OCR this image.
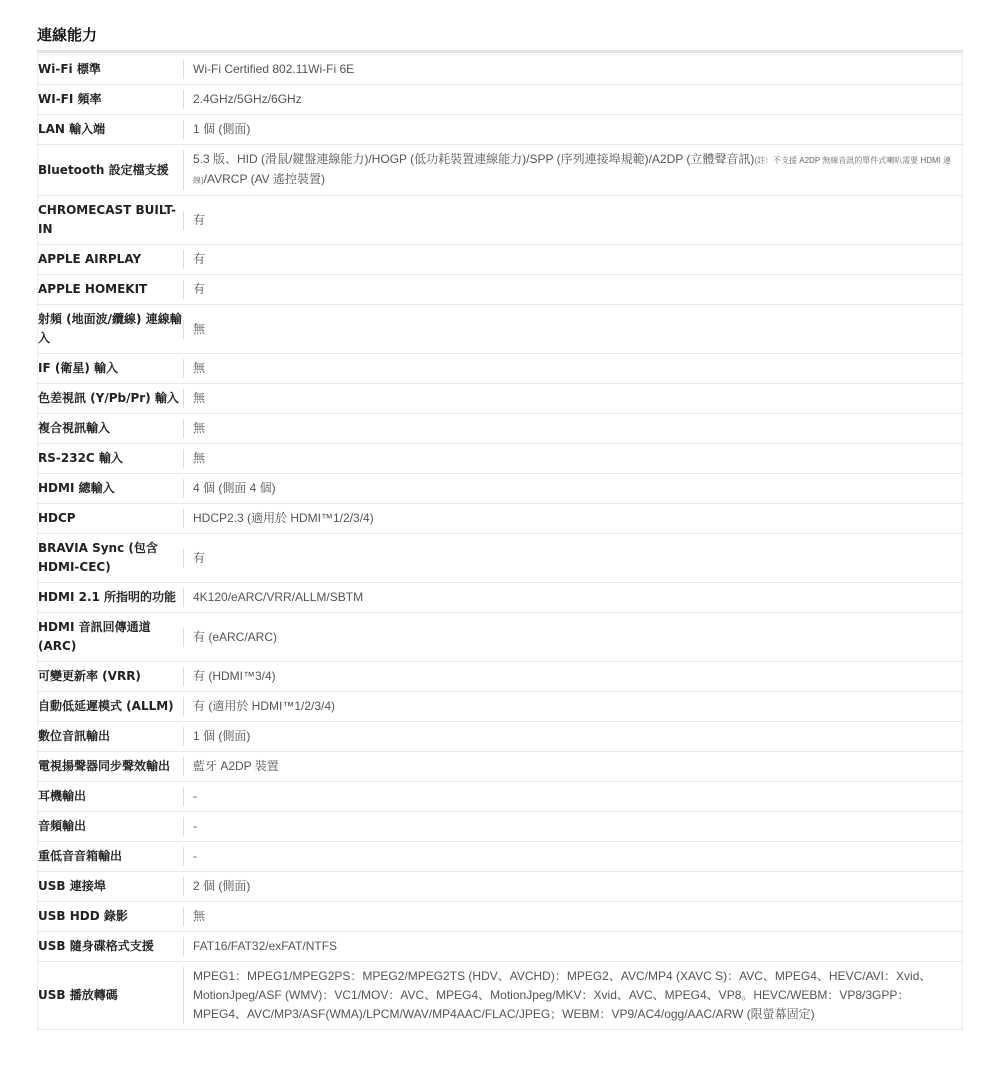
連線能力
Wi-Fi 標準	Wi-Fi Certified 802.11Wi-Fi 6E

WI-FI 頻率	2.4GHz/5GHz/6GHz

LAN 輸入端	1 個 (側面)

Bluetooth 設定檔支援	5.3 版、HID (滑鼠/鍵盤連線能力)/HOGP (低功耗裝置連線能力)/SPP (序列連接埠規範)/A2DP (立體聲音訊)(註：不支援 A2DP 無線音訊的單件式喇叭需要 HDMI 連線)/AVRCP (AV 遙控裝置)

CHROMECAST BUILT-IN	有

APPLE AIRPLAY	有

APPLE HOMEKIT	有

射頻 (地面波/纜線) 連線輸入	無

IF (衛星) 輸入	無

色差視訊 (Y/Pb/Pr) 輸入	無

複合視訊輸入	無

RS-232C 輸入	無

HDMI 總輸入	4 個 (側面 4 個)

HDCP	HDCP2.3 (適用於 HDMI™1/2/3/4)

BRAVIA Sync (包含 HDMI-CEC)	有

HDMI 2.1 所指明的功能	4K120/eARC/VRR/ALLM/SBTM

HDMI 音訊回傳通道 (ARC)	有 (eARC/ARC)

可變更新率 (VRR)	有 (HDMI™3/4)

自動低延遲模式 (ALLM)	有 (適用於 HDMI™1/2/3/4)

數位音訊輸出	1 個 (側面)

電視揚聲器同步聲效輸出	藍牙 A2DP 裝置

耳機輸出	-

音頻輸出	-

重低音音箱輸出	-

USB 連接埠	2 個 (側面)

USB HDD 錄影	無

USB 隨身碟格式支援	FAT16/FAT32/exFAT/NTFS

USB 播放轉碼	MPEG1：MPEG1/MPEG2PS：MPEG2/MPEG2TS (HDV、AVCHD)：MPEG2、AVC/MP4 (XAVC S)：AVC、MPEG4、HEVC/AVI：Xvid、MotionJpeg/ASF (WMV)：VC1/MOV：AVC、MPEG4、MotionJpeg/MKV：Xvid、AVC、MPEG4、VP8。HEVC/WEBM：VP8/3GPP：MPEG4、AVC/MP3/ASF(WMA)/LPCM/WAV/MP4AAC/FLAC/JPEG；WEBM：VP9/AC4/ogg/AAC/ARW (限螢幕固定)
